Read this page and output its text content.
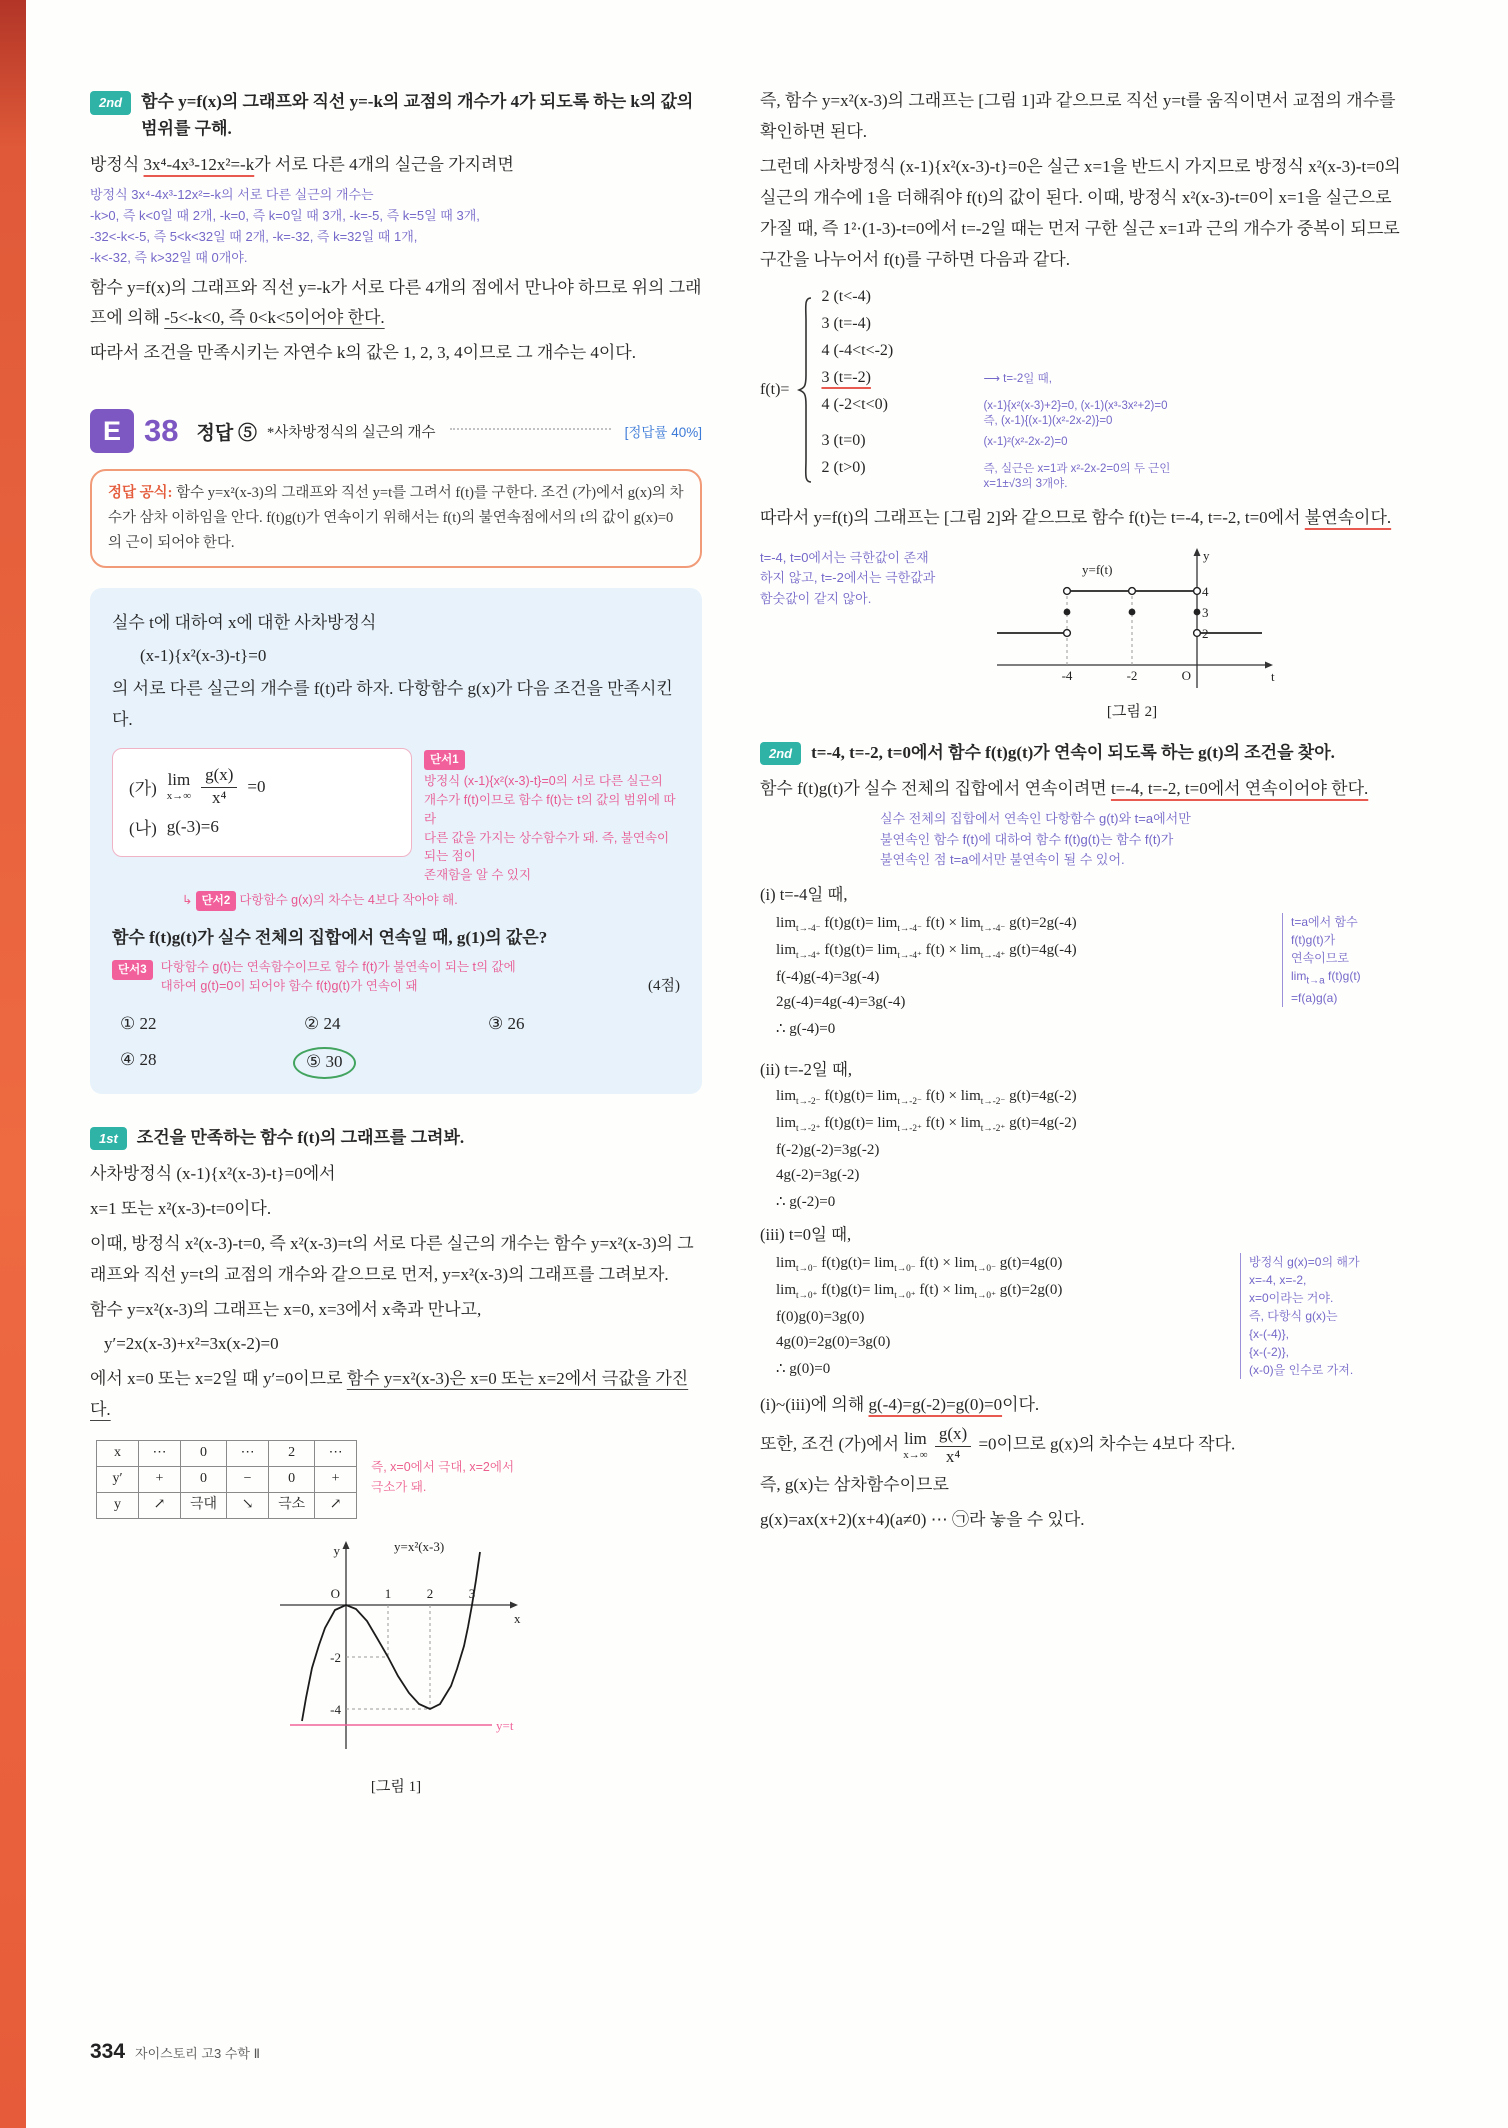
2nd	함수 y=f(x)의 그래프와 직선 y=-k의 교점의 개수가 4가 되도록 하는 k의 값의 범위를 구해.

방정식 3x⁴-4x³-12x²=-k가 서로 다른 4개의 실근을 가지려면

방정식 3x⁴-4x³-12x²=-k의 서로 다른 실근의 개수는
-k>0, 즉 k<0일 때 2개, -k=0, 즉 k=0일 때 3개, -k=-5, 즉 k=5일 때 3개,
-32<-k<-5, 즉 5<k<32일 때 2개, -k=-32, 즉 k=32일 때 1개,
-k<-32, 즉 k>32일 때 0개야.

함수 y=f(x)의 그래프와 직선 y=-k가 서로 다른 4개의 점에서 만나야 하므로 위의 그래프에 의해 -5<-k<0, 즉 0<k<5이어야 한다.

따라서 조건을 만족시키는 자연수 k의 값은 1, 2, 3, 4이므로 그 개수는 4이다.

E 38 정답 ⑤ *사차방정식의 실근의 개수	[정답률 40%]
정답 공식: 함수 y=x²(x-3)의 그래프와 직선 y=t를 그려서 f(t)를 구한다. 조건 (가)에서 g(x)의 차수가 삼차 이하임을 안다. f(t)g(t)가 연속이기 위해서는 f(t)의 불연속점에서의 t의 값이 g(x)=0의 근이 되어야 한다.

실수 t에 대하여 x에 대한 사차방정식

(x-1){x²(x-3)-t}=0

의 서로 다른 실근의 개수를 f(t)라 하자. 다항함수 g(x)가 다음 조건을 만족시킨다.

(가) lim
$x\to\infty \frac{g(x)}{\text{x⁴}} =0$
(나) g(-3)=6
단서1
방정식 (x-1){x²(x-3)-t}=0의 서로 다른 실근의
개수가 f(t)이므로 함수 f(t)는 t의 값의 범위에 따라
다른 값을 가지는 상수함수가 돼. 즉, 불연속이 되는 점이
존재함을 알 수 있지
↳ 단서2 다항함수 g(x)의 차수는 4보다 작아야 해.

함수 f(t)g(t)가 실수 전체의 집합에서 연속일 때, g(1)의 값은?

단서3	다항함수 g(t)는 연속함수이므로 함수 f(t)가 불연속이 되는 t의 값에
대하여 g(t)=0이 되어야 함수 f(t)g(t)가 연속이 돼	(4점)
① 22	② 24	③ 26
④ 28	⑤ 30
1st	조건을 만족하는 함수 f(t)의 그래프를 그려봐.

사차방정식 (x-1){x²(x-3)-t}=0에서

x=1 또는 x²(x-3)-t=0이다.

이때, 방정식 x²(x-3)-t=0, 즉 x²(x-3)=t의 서로 다른 실근의 개수는 함수 y=x²(x-3)의 그래프와 직선 y=t의 교점의 개수와 같으므로 먼저, y=x²(x-3)의 그래프를 그려보자.

함수 y=x²(x-3)의 그래프는 x=0, x=3에서 x축과 만나고,

y′=2x(x-3)+x²=3x(x-2)=0

에서 x=0 또는 x=2일 때 y′=0이므로 함수 y=x²(x-3)은 x=0 또는 x=2에서 극값을 가진다.

x	⋯	0	⋯	2	⋯
y′	+	0	−	0	+
y	↗	극대	↘	극소	↗
즉, x=0에서 극대, x=2에서
극소가 돼.
y=x²(x-3)
y
x
O	1	2	3
-2
-4
y=t
[그림 1]

즉, 함수 y=x²(x-3)의 그래프는 [그림 1]과 같으므로 직선 y=t를 움직이면서 교점의 개수를 확인하면 된다.

그런데 사차방정식 (x-1){x²(x-3)-t}=0은 실근 x=1을 반드시 가지므로 방정식 x²(x-3)-t=0의 실근의 개수에 1을 더해줘야 f(t)의 값이 된다. 이때, 방정식 x²(x-3)-t=0이 x=1을 실근으로 가질 때, 즉 1²·(1-3)-t=0에서 t=-2일 때는 먼저 구한 실근 x=1과 근의 개수가 중복이 되므로 구간을 나누어서 f(t)를 구하면 다음과 같다.

f(t)=
2 (t<-4)
3 (t=-4)
4 (-4<t<-2)
3 (t=-2)	⟶ t=-2일 때,
4 (-2<t<0)	(x-1){x²(x-3)+2}=0, (x-1)(x³-3x²+2)=0
즉, (x-1){(x-1)(x²-2x-2)}=0
3 (t=0)	(x-1)²(x²-2x-2)=0
2 (t>0)	즉, 실근은 x=1과 x²-2x-2=0의 두 근인
x=1±√3의 3개야.

따라서 y=f(t)의 그래프는 [그림 2]와 같으므로 함수 f(t)는 t=-4, t=-2, t=0에서 불연속이다.

t=-4, t=0에서는 극한값이 존재
하지 않고, t=-2에서는 극한값과
함숫값이 같지 않아.
y=f(t)
y
t
O
-4	-2
4
3
2
[그림 2]
2nd	t=-4, t=-2, t=0에서 함수 f(t)g(t)가 연속이 되도록 하는 g(t)의 조건을 찾아.

함수 f(t)g(t)가 실수 전체의 집합에서 연속이려면 t=-4, t=-2, t=0에서 연속이어야 한다.

실수 전체의 집합에서 연속인 다항함수 g(t)와 t=a에서만
불연속인 함수 f(t)에 대하여 함수 f(t)g(t)는 함수 f(t)가
불연속인 점 t=a에서만 불연속이 될 수 있어.

(i) t=-4일 때,

$\lim_{t\to-4^-} f(t)g(t)= \lim_{t\to-4^-} f(t) \times \lim_{t\to-4^-} g(t)=2g(-4)$
$\lim_{t\to-4^+} f(t)g(t)= \lim_{t\to-4^+} f(t) \times \lim_{t\to-4^+} g(t)=4g(-4)$
f(-4)g(-4)=3g(-4)
2g(-4)=4g(-4)=3g(-4)
∴ g(-4)=0
t=a에서 함수
f(t)g(t)가
연속이므로
$\lim_{t\to a} f(t)g(t)$
=f(a)g(a)

(ii) t=-2일 때,

$\lim_{t\to-2^-} f(t)g(t)= \lim_{t\to-2^-} f(t) \times \lim_{t\to-2^-} g(t)=4g(-2)$
$\lim_{t\to-2^+} f(t)g(t)= \lim_{t\to-2^+} f(t) \times \lim_{t\to-2^+} g(t)=4g(-2)$
f(-2)g(-2)=3g(-2)
4g(-2)=3g(-2)
∴ g(-2)=0

(iii) t=0일 때,

$\lim_{t\to 0^-} f(t)g(t)= \lim_{t\to 0^-} f(t) \times \lim_{t\to 0^-} g(t)=4g(0)$
$\lim_{t\to 0^+} f(t)g(t)= \lim_{t\to 0^+} f(t) \times \lim_{t\to 0^+} g(t)=2g(0)$
f(0)g(0)=3g(0)
4g(0)=2g(0)=3g(0)
∴ g(0)=0
방정식 g(x)=0의 해가
x=-4, x=-2,
x=0이라는 거야.
즉, 다항식 g(x)는
{x-(-4)},
{x-(-2)},
(x-0)을 인수로 가져.

(i)~(iii)에 의해 g(-4)=g(-2)=g(0)=0이다.

또한, 조건 (가)에서 lim
x→∞
$\frac{g(x)}{\text{x⁴}} =0$이므로 g(x)의 차수는 4보다 작다.

즉, g(x)는 삼차함수이므로

g(x)=ax(x+2)(x+4)(a≠0) ⋯ ㉠라 놓을 수 있다.

334 자이스토리 고3 수학 Ⅱ
